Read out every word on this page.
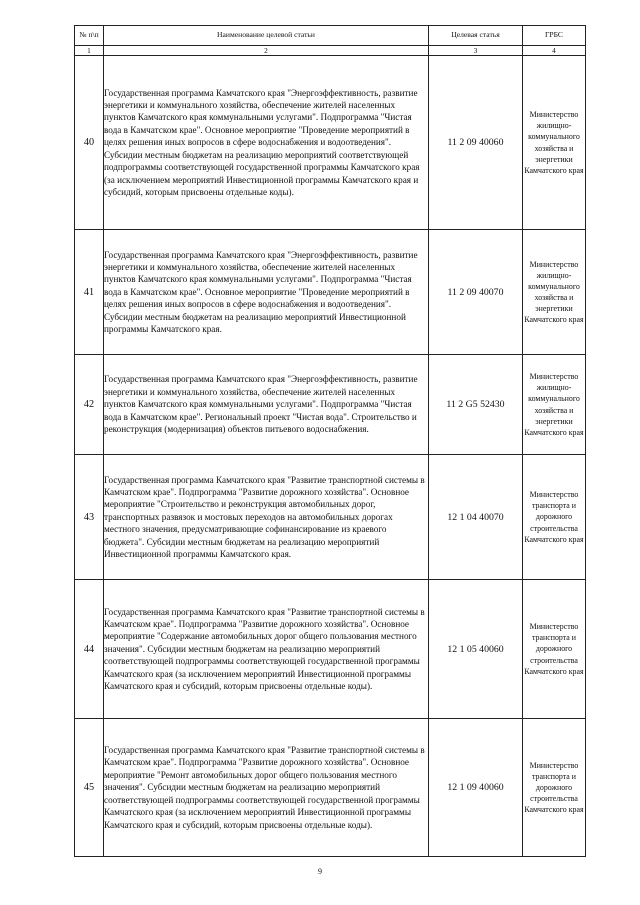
№ п\п	Наименование целевой статьи	Целевая статья	ГРБС
1	2	3	4
40	Государственная программа Камчатского края "Энергоэффективность, развитие энергетики и коммунального хозяйства, обеспечение жителей населенных пунктов Камчатского края коммунальными услугами". Подпрограмма "Чистая вода в Камчатском крае". Основное мероприятие "Проведение мероприятий в целях решения иных вопросов в сфере водоснабжения и водоотведения". Субсидии местным бюджетам на реализацию мероприятий соответствующей подпрограммы соответствующей государственной программы Камчатского края (за исключением мероприятий Инвестиционной программы Камчатского края и субсидий, которым присвоены отдельные коды).	11 2 09 40060	Министерство жилищно-коммунального хозяйства и энергетики Камчатского края
41	Государственная программа Камчатского края "Энергоэффективность, развитие энергетики и коммунального хозяйства, обеспечение жителей населенных пунктов Камчатского края коммунальными услугами". Подпрограмма "Чистая вода в Камчатском крае". Основное мероприятие "Проведение мероприятий в целях решения иных вопросов в сфере водоснабжения и водоотведения". Субсидии местным бюджетам на реализацию мероприятий Инвестиционной программы Камчатского края.	11 2 09 40070	Министерство жилищно-коммунального хозяйства и энергетики Камчатского края
42	Государственная программа Камчатского края "Энергоэффективность, развитие энергетики и коммунального хозяйства, обеспечение жителей населенных пунктов Камчатского края коммунальными услугами". Подпрограмма "Чистая вода в Камчатском крае". Региональный проект "Чистая вода". Строительство и реконструкция (модернизация) объектов питьевого водоснабжения.	11 2 G5 52430	Министерство жилищно-коммунального хозяйства и энергетики Камчатского края
43	Государственная программа Камчатского края "Развитие транспортной системы в Камчатском крае". Подпрограмма "Развитие дорожного хозяйства". Основное мероприятие "Строительство и реконструкция автомобильных дорог, транспортных развязок и мостовых переходов на автомобильных дорогах местного значения, предусматривающие софинансирование из краевого бюджета". Субсидии местным бюджетам на реализацию мероприятий Инвестиционной программы Камчатского края.	12 1 04 40070	Министерство транспорта и дорожного строительства Камчатского края
44	Государственная программа Камчатского края "Развитие транспортной системы в Камчатском крае". Подпрограмма "Развитие дорожного хозяйства". Основное мероприятие "Содержание автомобильных дорог общего пользования местного значения". Субсидии местным бюджетам на реализацию мероприятий соответствующей подпрограммы соответствующей государственной программы Камчатского края (за исключением мероприятий Инвестиционной программы Камчатского края и субсидий, которым присвоены отдельные коды).	12 1 05 40060	Министерство транспорта и дорожного строительства Камчатского края
45	Государственная программа Камчатского края "Развитие транспортной системы в Камчатском крае". Подпрограмма "Развитие дорожного хозяйства". Основное мероприятие "Ремонт автомобильных дорог общего пользования местного значения". Субсидии местным бюджетам на реализацию мероприятий соответствующей подпрограммы соответствующей государственной программы Камчатского края (за исключением мероприятий Инвестиционной программы Камчатского края и субсидий, которым присвоены отдельные коды).	12 1 09 40060	Министерство транспорта и дорожного строительства Камчатского края
9
